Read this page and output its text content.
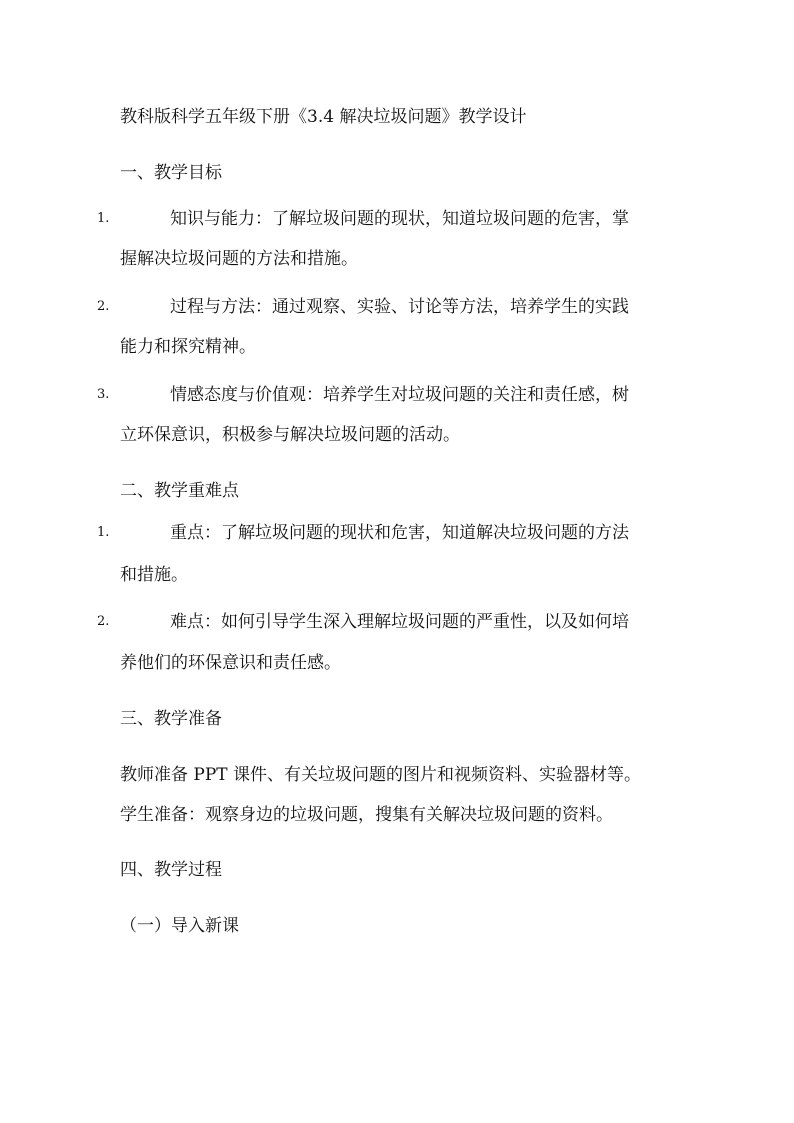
教科版科学五年级下册《3.4 解决垃圾问题》教学设计
一、教学目标
1.	知识与能力：了解垃圾问题的现状，知道垃圾问题的危害，掌
握解决垃圾问题的方法和措施。
2.	过程与方法：通过观察、实验、讨论等方法，培养学生的实践
能力和探究精神。
3.	情感态度与价值观：培养学生对垃圾问题的关注和责任感，树
立环保意识，积极参与解决垃圾问题的活动。
二、教学重难点
1.	重点：了解垃圾问题的现状和危害，知道解决垃圾问题的方法
和措施。
2.	难点：如何引导学生深入理解垃圾问题的严重性，以及如何培
养他们的环保意识和责任感。
三、教学准备
教师准备 PPT 课件、有关垃圾问题的图片和视频资料、实验器材等。
学生准备：观察身边的垃圾问题，搜集有关解决垃圾问题的资料。
四、教学过程
（一）导入新课
